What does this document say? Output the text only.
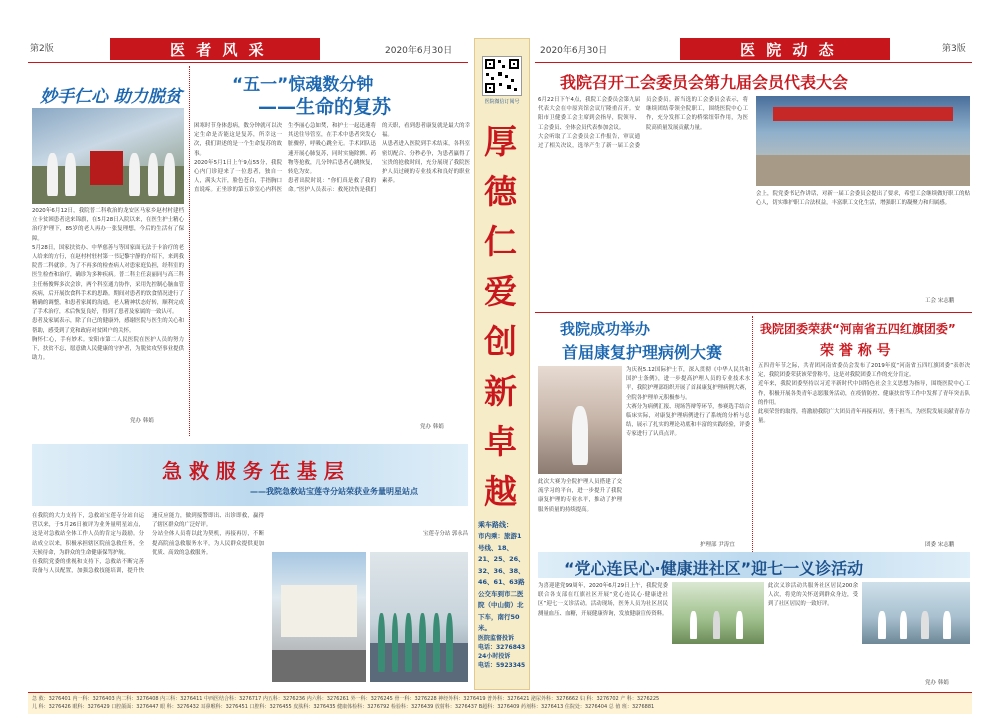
第2版	医 者 风 采	2020年6月30日
妙手仁心 助力脱贫

2020年6月12日，我院普二科收治的龙安区马家乡赵村村建档立卡贫困患者送来锦旗，在5月28日入院以来，在医生护士精心治疗护理下，85岁的老人再办一张复理想，今后的生活有了保障。

5月28日，国家扶贫办、中华慈善与等国家面无法于卡治疗的老人给来的方行，在赵村村驻村第一书记黎宇静的介绍下，来到我院普二科就诊。为了不再多的检查病人对患家庭负担，经科室的医生检查和治疗，确诊为多种疾病。普二科主任袁丽同与高三科主任杨俊辉多次会诊，两个科室通力协作，采用先控制心脑血管疾病，后开展饮食科手术的思路。期间对患者的饮食情况进行了精确的调整，和患者家属的沟通，老人精神状态好转，顺利完成了手术治疗，术后恢复良好，得到了患者及家属的一致认可。

患者及家属表示，除了自己的健康外，感谢医院与医生的关心和帮助，感受到了党和政府对贫困户的关怀。

胸怀仁心，手有妙术。安阳市第二人民医院在医护人员的努力下，扶贫不忘，愿意做人民健康的守护者，为脱贫攻坚事业提供助力。

党办 韩娟
“五一”惊魂数分钟
——生命的复苏

困寒时节身体患病，数分钟就可以决定生命是否能这是复苏，所幸这一次，我们讲述的是一个生命复苏的故事。

2020年5月1日上午9点55分，我院心内门诊迎来了一位患者，独自一人，满头大汗，脸色苍白，手捂胸口直说疼。正坐诊的第五诊室心内科医生李丽心急如焚，和护士一起迅速将其送往导管室，在手术中患者突发心脏骤停，呼吸心跳全无。手术团队迅速开展心肺复苏，同时实施除颤、药物等抢救，几分钟后患者心跳恢复，转危为安。

患者出院时说：“你们真是救了我的命。”医护人员表示：救死扶伤是我们的天职，看到患者康复就是最大的幸福。

从患者进入医院到手术结束，各科室密切配合、分秒必争，为患者赢得了宝贵的抢救时间，充分展现了我院医护人员过硬的专业技术和良好的职业素养。

党办 韩娟
急 救 服 务 在 基 层
——我院急救站宝莲寺分站荣获业务量明星站点

在我院的大力支持下，急救站宝莲寺分站自运营以来，于5月26日被评为业务量明星站点，这是对急救站全体工作人员的肯定与鼓励。分站成立以来，积极承担辖区院前急救任务，全天候待命，为群众的生命健康保驾护航。

在我院党委的重视和支持下，急救站不断完善设备与人员配置，加强急救技能培训，提升快速反应能力，做到接警即出、出诊即救，赢得了辖区群众的广泛好评。

分站全体人员将以此为契机，再接再厉，不断提高院前急救服务水平，为人民群众提供更加优质、高效的急救服务。

宝莲寺分站 郭永昌

医院微信订阅号
厚
德
仁
爱
创
新
卓
越
乘车路线：
市内乘：旅游1号线、18、21、25、26、32、36、38、46、61、63路公交车到市二医院（中山街）北下车，南行50米。
医院监督投诉
电话：3276843
24小时投诉
电话：5923345
2020年6月30日	医 院 动 态	第3版
我院召开工会委员会第九届会员代表大会

6月22日下午4点，我院工会委员会第九届代表大会在中原宾馆会议厅隆重召开。安阳市卫健委工会主席到会指导，院领导、工会委员、全体会员代表参加会议。

大会听取了工会委员会工作报告，审议通过了相关决议，选举产生了新一届工会委员会委员。新当选的工会委员会表示，将继续团结带领全院职工，围绕医院中心工作，充分发挥工会的桥梁纽带作用，为医院高质量发展贡献力量。

会上，院党委书记作讲话，对新一届工会委员会提出了要求，希望工会继续做好职工的贴心人，切实维护职工合法权益，丰富职工文化生活，增强职工的凝聚力和归属感。

工会 宋志鹏
我院成功举办
首届康复护理病例大赛

为庆祝5.12国际护士节，深入贯彻《中华人民共和国护士条例》，进一步提高护理人员的专业技术水平，我院护理部组织开展了首届康复护理病例大赛，全院各护理单元积极参与。

大赛分为病例汇报、现场答辩等环节，参赛选手结合临床实际，对康复护理病例进行了系统的分析与总结，展示了扎实的理论功底和丰富的实践经验，评委专家进行了认真点评。

此次大赛为全院护理人员搭建了交流学习的平台，进一步提升了我院康复护理的专业水平，推动了护理服务质量的持续提高。

护理部 尹涛宜
我院团委荣获“河南省五四红旗团委”
荣 誉 称 号

五四青年节之际，共青团河南省委员会发布了2019年度“河南省五四红旗团委”表彰决定，我院团委荣获该荣誉称号，这是对我院团委工作的充分肯定。

近年来，我院团委坚持以习近平新时代中国特色社会主义思想为指导，围绕医院中心工作，积极开展各类青年志愿服务活动，在疫情防控、健康扶贫等工作中发挥了青年突击队的作用。

此项荣誉的取得，将激励我院广大团员青年再接再厉，勇于担当，为医院发展贡献青春力量。

团委 宋志鹏
“党心连民心·健康进社区”迎七一义诊活动

为喜迎建党99周年，2020年6月29日上午，我院党委联合各支部在红旗社区开展“党心连民心·健康进社区”迎七一义诊活动。活动现场，医务人员为社区居民测量血压、血糖，开展健康咨询，发放健康宣传资料。

此次义诊活动共服务社区居民200余人次，将党的关怀送到群众身边，受到了社区居民的一致好评。

党办 韩娟
急 救：3276401 内一科：3276403 内二科：3276408 内三科：3276411 中西医结合科：3276717 内五科：3276236 内六科：3276261 外一科：3276245 骨一科：3276228 神经外科：3276419 普外科：3276421 泌尿外科：3276662 妇 科：3276702 产 科：3276225
儿 科：3276426 眼科：3276429 口腔颌面：3276447 眼 科：3276432 耳鼻喉科：3276451 口腔科：3276455 皮肤科：3276435 健康体检科：3276792 检验科：3276439 放射科：3276437 B超科：3276409 药剂科：3276413 住院处：3276404 总 值 班：3276881
